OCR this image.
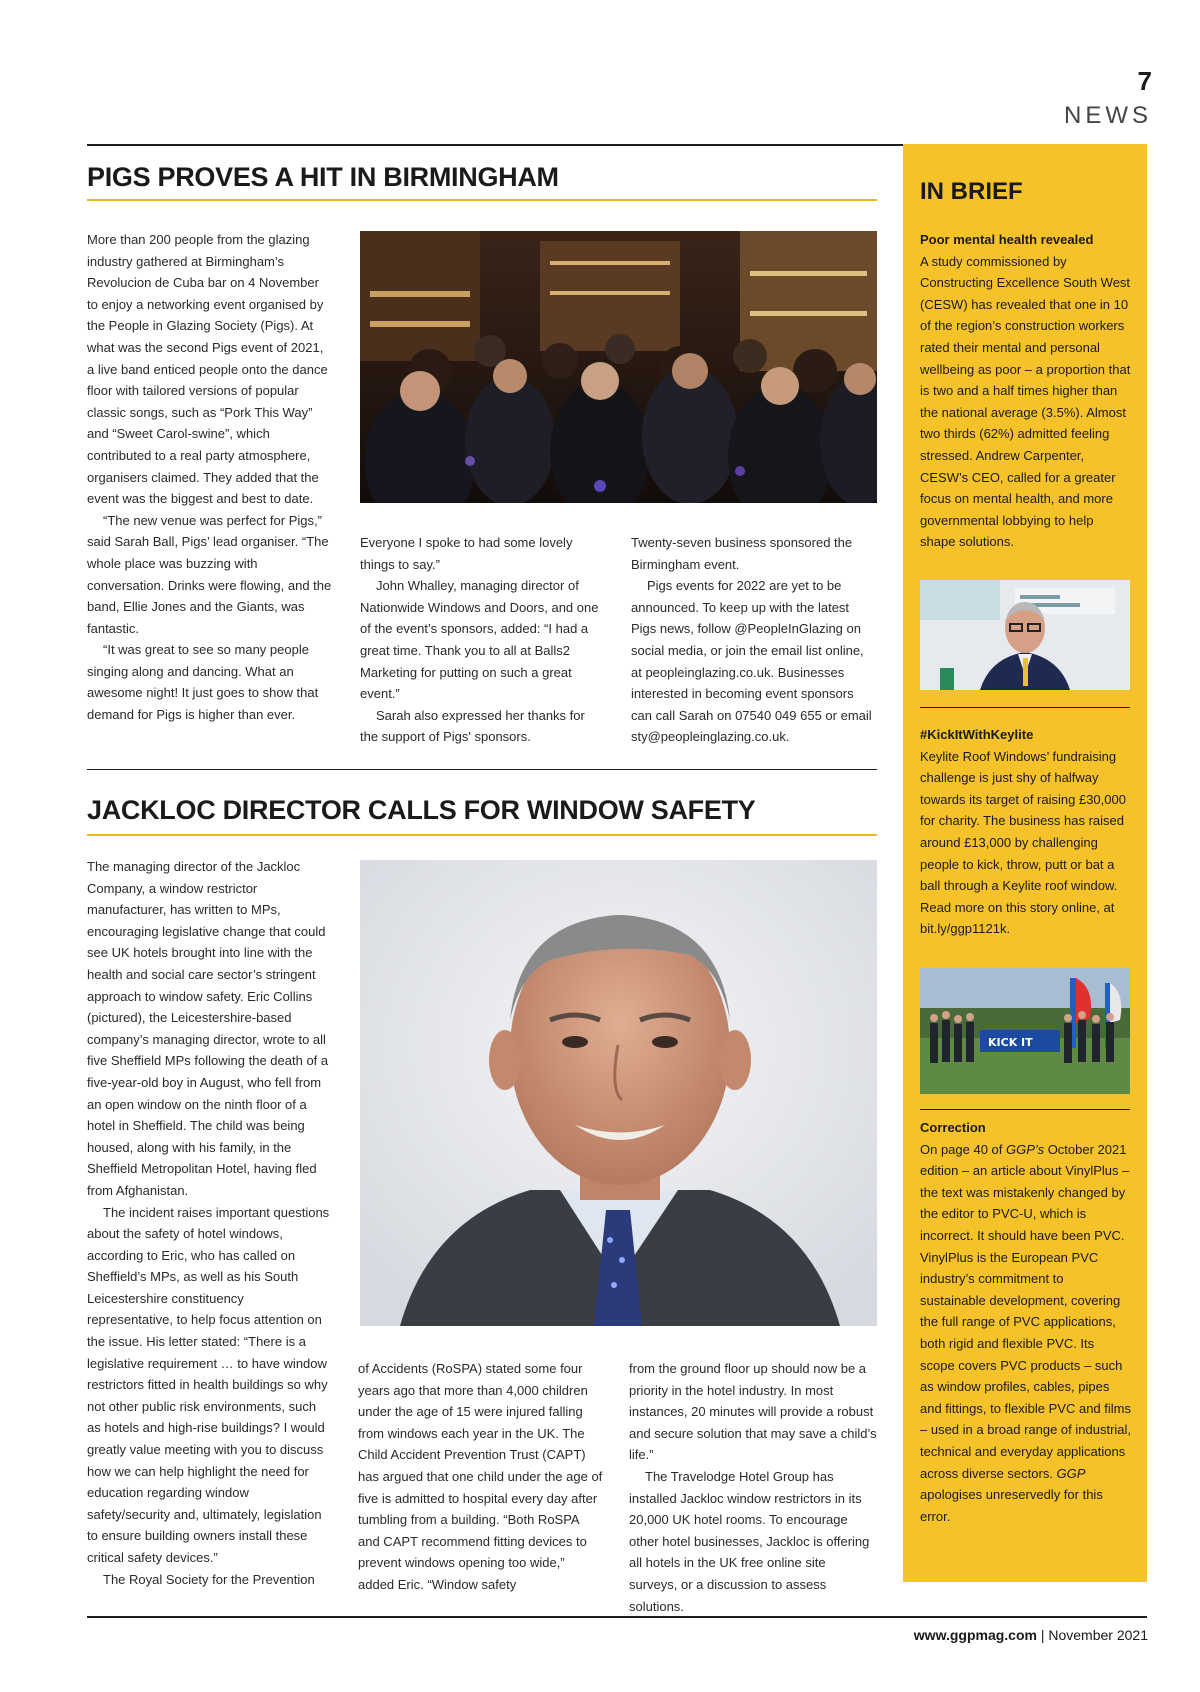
7
NEWS
PIGS PROVES A HIT IN BIRMINGHAM

More than 200 people from the glazing industry gathered at Birmingham’s Revolucion de Cuba bar on 4 November to enjoy a networking event organised by the People in Glazing Society (Pigs). At what was the second Pigs event of 2021, a live band enticed people onto the dance floor with tailored versions of popular classic songs, such as “Pork This Way” and “Sweet Carol-swine”, which contributed to a real party atmosphere, organisers claimed. They added that the event was the biggest and best to date.

“The new venue was perfect for Pigs,” said Sarah Ball, Pigs’ lead organiser. “The whole place was buzzing with conversation. Drinks were flowing, and the band, Ellie Jones and the Giants, was fantastic.

“It was great to see so many people singing along and dancing. What an awesome night! It just goes to show that demand for Pigs is higher than ever.

Everyone I spoke to had some lovely things to say.”

John Whalley, managing director of Nationwide Windows and Doors, and one of the event’s sponsors, added: “I had a great time. Thank you to all at Balls2 Marketing for putting on such a great event.”

Sarah also expressed her thanks for the support of Pigs' sponsors.

Twenty-seven business sponsored the Birmingham event.

Pigs events for 2022 are yet to be announced. To keep up with the latest Pigs news, follow @PeopleInGlazing on social media, or join the email list online, at peopleinglazing.co.uk. Businesses interested in becoming event sponsors can call Sarah on 07540 049 655 or email sty@peopleinglazing.co.uk.

JACKLOC DIRECTOR CALLS FOR WINDOW SAFETY

The managing director of the Jackloc Company, a window restrictor manufacturer, has written to MPs, encouraging legislative change that could see UK hotels brought into line with the health and social care sector’s stringent approach to window safety. Eric Collins (pictured), the Leicestershire-based company’s managing director, wrote to all five Sheffield MPs following the death of a five-year-old boy in August, who fell from an open window on the ninth floor of a hotel in Sheffield. The child was being housed, along with his family, in the Sheffield Metropolitan Hotel, having fled from Afghanistan.

The incident raises important questions about the safety of hotel windows, according to Eric, who has called on Sheffield’s MPs, as well as his South Leicestershire constituency representative, to help focus attention on the issue. His letter stated: “There is a legislative requirement … to have window restrictors fitted in health buildings so why not other public risk environments, such as hotels and high-rise buildings? I would greatly value meeting with you to discuss how we can help highlight the need for education regarding window safety/security and, ultimately, legislation to ensure building owners install these critical safety devices.”

The Royal Society for the Prevention

of Accidents (RoSPA) stated some four years ago that more than 4,000 children under the age of 15 were injured falling from windows each year in the UK. The Child Accident Prevention Trust (CAPT) has argued that one child under the age of five is admitted to hospital every day after tumbling from a building. “Both RoSPA and CAPT recommend fitting devices to prevent windows opening too wide,” added Eric. “Window safety

from the ground floor up should now be a priority in the hotel industry. In most instances, 20 minutes will provide a robust and secure solution that may save a child’s life.”

The Travelodge Hotel Group has installed Jackloc window restrictors in its 20,000 UK hotel rooms. To encourage other hotel businesses, Jackloc is offering all hotels in the UK free online site surveys, or a discussion to assess solutions.

IN BRIEF
Poor mental health revealed
A study commissioned by Constructing Excellence South West (CESW) has revealed that one in 10 of the region’s construction workers rated their mental and personal wellbeing as poor – a proportion that is two and a half times higher than the national average (3.5%). Almost two thirds (62%) admitted feeling stressed. Andrew Carpenter, CESW’s CEO, called for a greater focus on mental health, and more governmental lobbying to help shape solutions.
#KickItWithKeylite
Keylite Roof Windows’ fundraising challenge is just shy of halfway towards its target of raising £30,000 for charity. The business has raised around £13,000 by challenging people to kick, throw, putt or bat a ball through a Keylite roof window. Read more on this story online, at bit.ly/ggp1121k.
KICK IT
Correction
On page 40 of GGP’s October 2021 edition – an article about VinylPlus – the text was mistakenly changed by the editor to PVC-U, which is incorrect. It should have been PVC. VinylPlus is the European PVC industry’s commitment to sustainable development, covering the full range of PVC applications, both rigid and flexible PVC. Its scope covers PVC products – such as window profiles, cables, pipes and fittings, to flexible PVC and films – used in a broad range of industrial, technical and everyday applications across diverse sectors. GGP apologises unreservedly for this error.
www.ggpmag.com | November 2021
